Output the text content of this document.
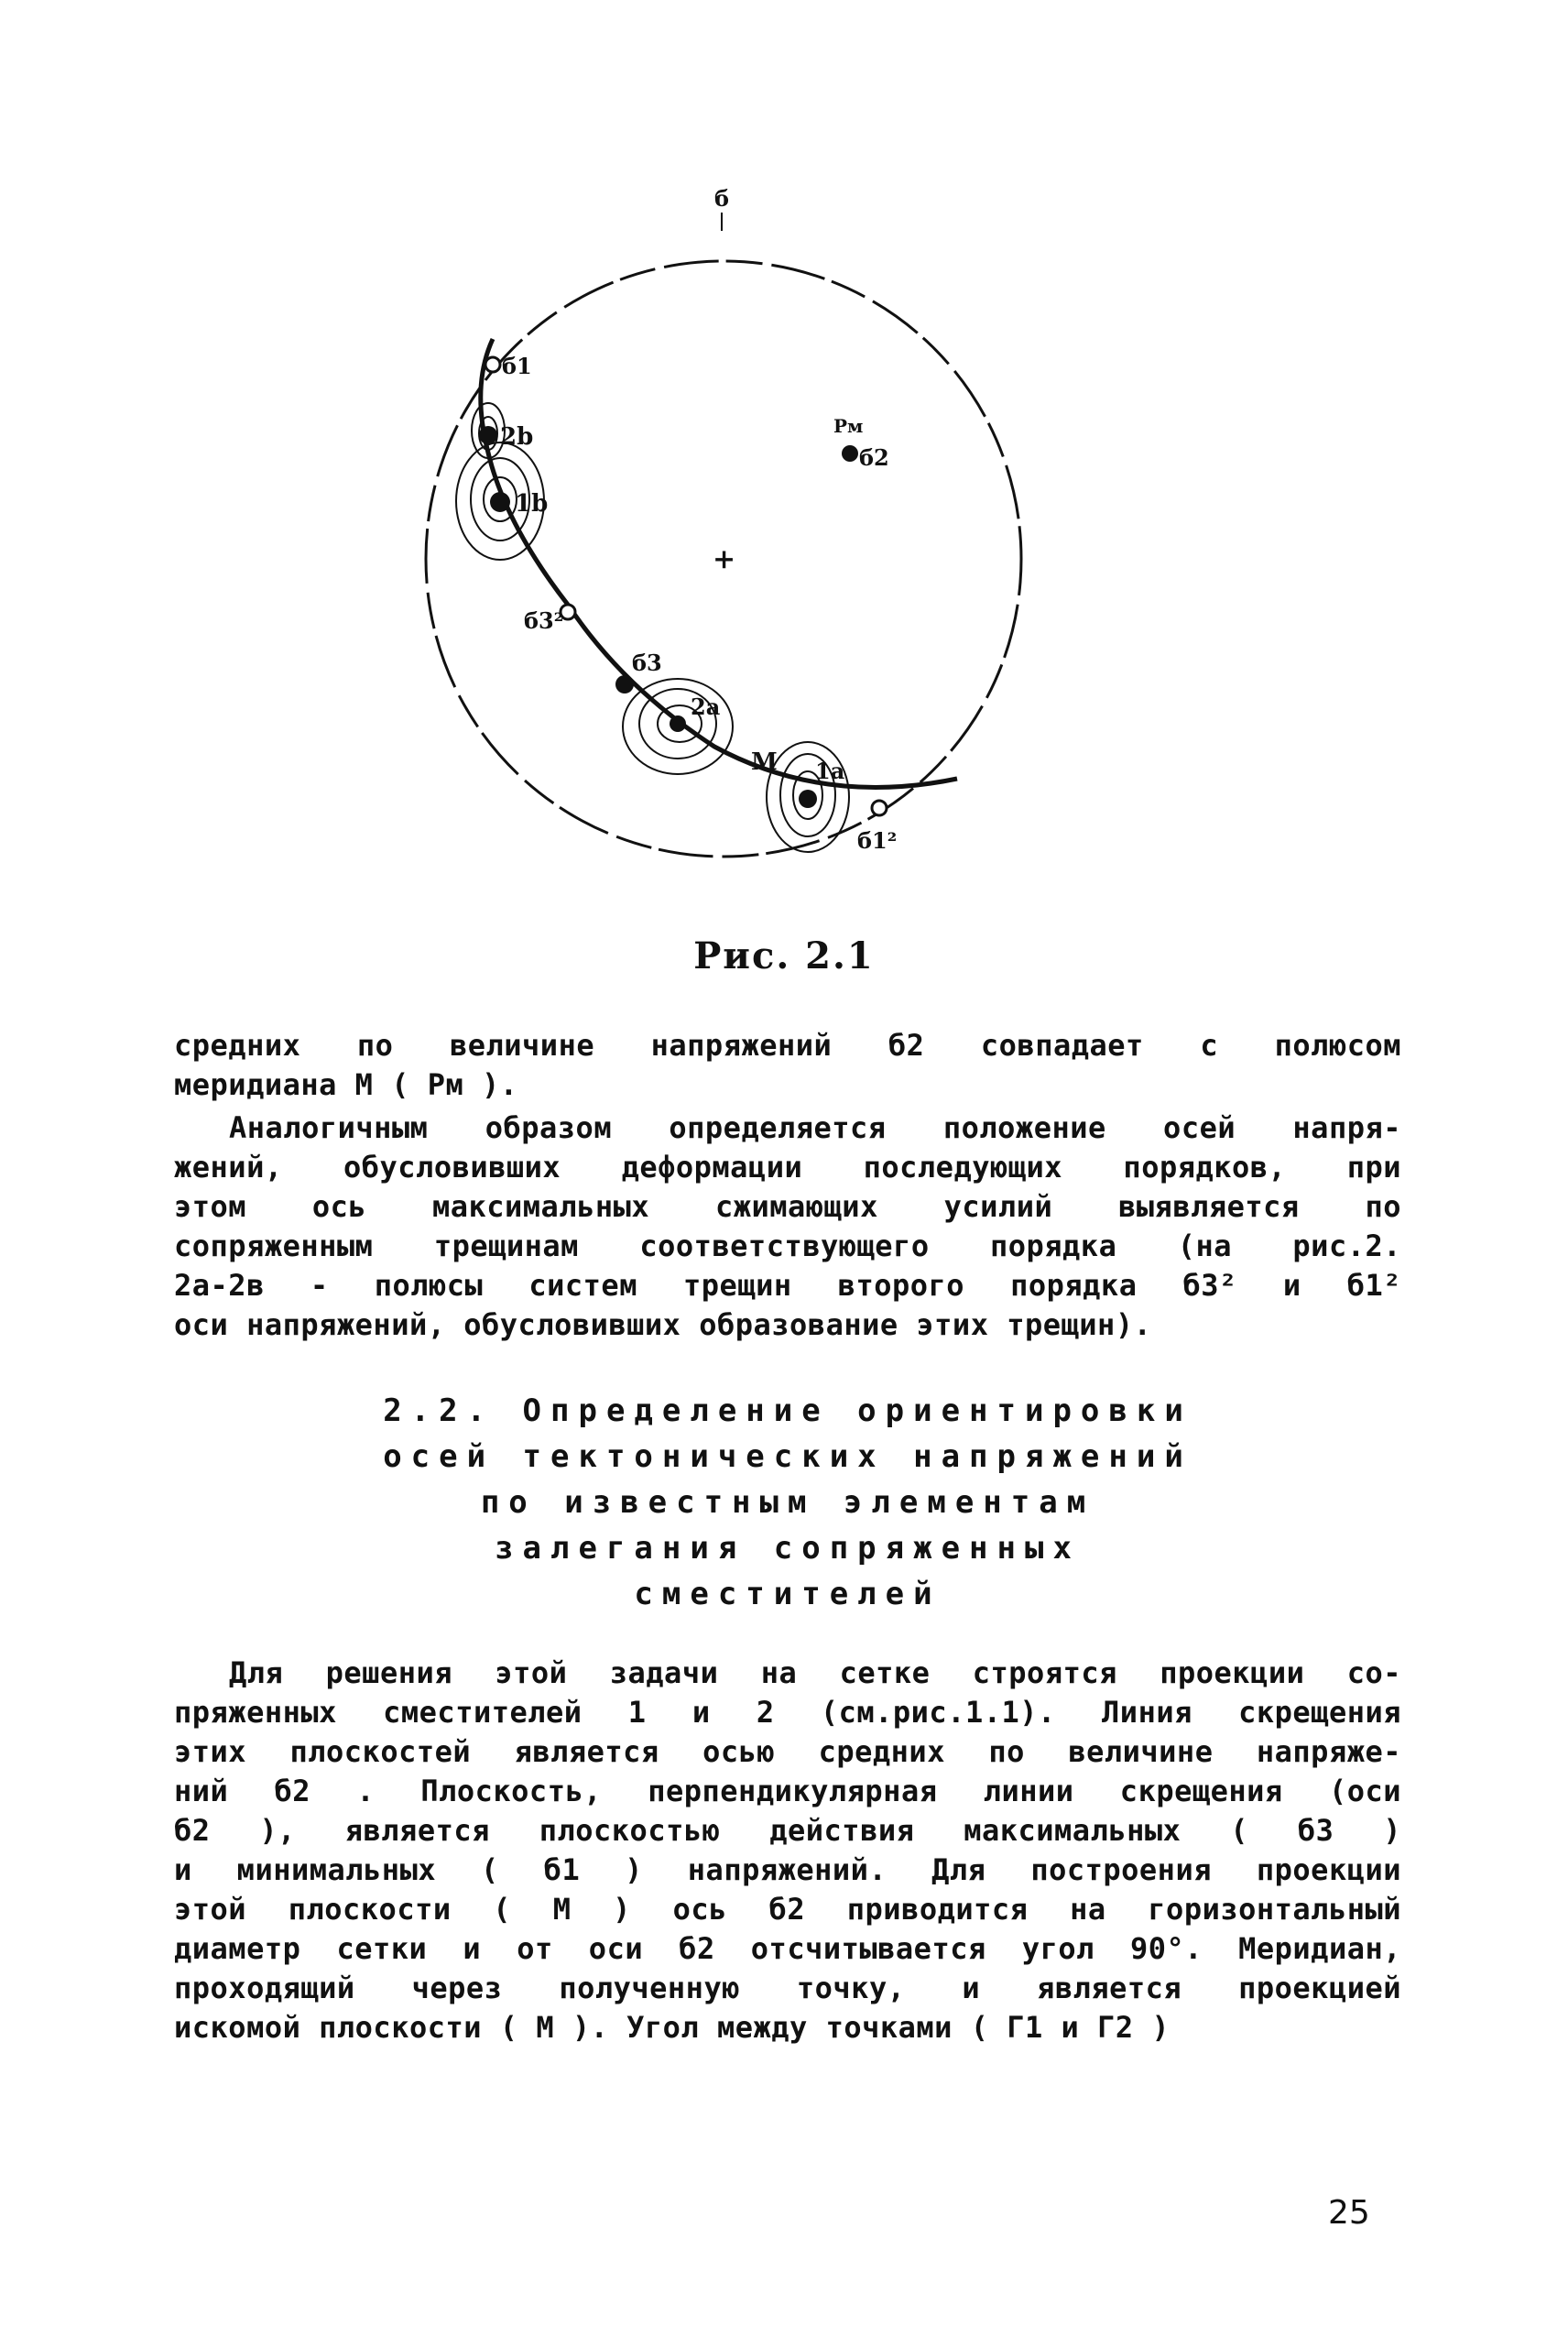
б
б1
2b
1b
Pм
б2
+
б3²
б3
2a
M 1a
б1²
Рис. 2.1
средних по величине напряжений б2 совпадает с полюсом
меридиана М ( Pм ).
Аналогичным образом определяется положение осей напря-
жений, обусловивших деформации последующих порядков, при
этом ось максимальных сжимающих усилий выявляется по
сопряженным трещинам соответствующего порядка (на рис.2.
2а-2в - полюсы систем трещин второго порядка б3² и б1²
оси напряжений, обусловивших образование этих трещин).
2.2. Определение ориентировки
осей тектонических напряжений
по известным элементам
залегания сопряженных
сместителей
Для решения этой задачи на сетке строятся проекции со-
пряженных сместителей 1 и 2 (см.рис.1.1). Линия скрещения
этих плоскостей является осью средних по величине напряже-
ний б2 . Плоскость, перпендикулярная линии скрещения (оси
б2 ), является плоскостью действия максимальных ( б3 )
и минимальных ( б1 ) напряжений. Для построения проекции
этой плоскости ( М ) ось б2 приводится на горизонтальный
диаметр сетки и от оси б2 отсчитывается угол 90°. Меридиан,
проходящий через полученную точку, и является проекцией
искомой плоскости ( М ). Угол между точками ( Г1 и Г2 )
25
